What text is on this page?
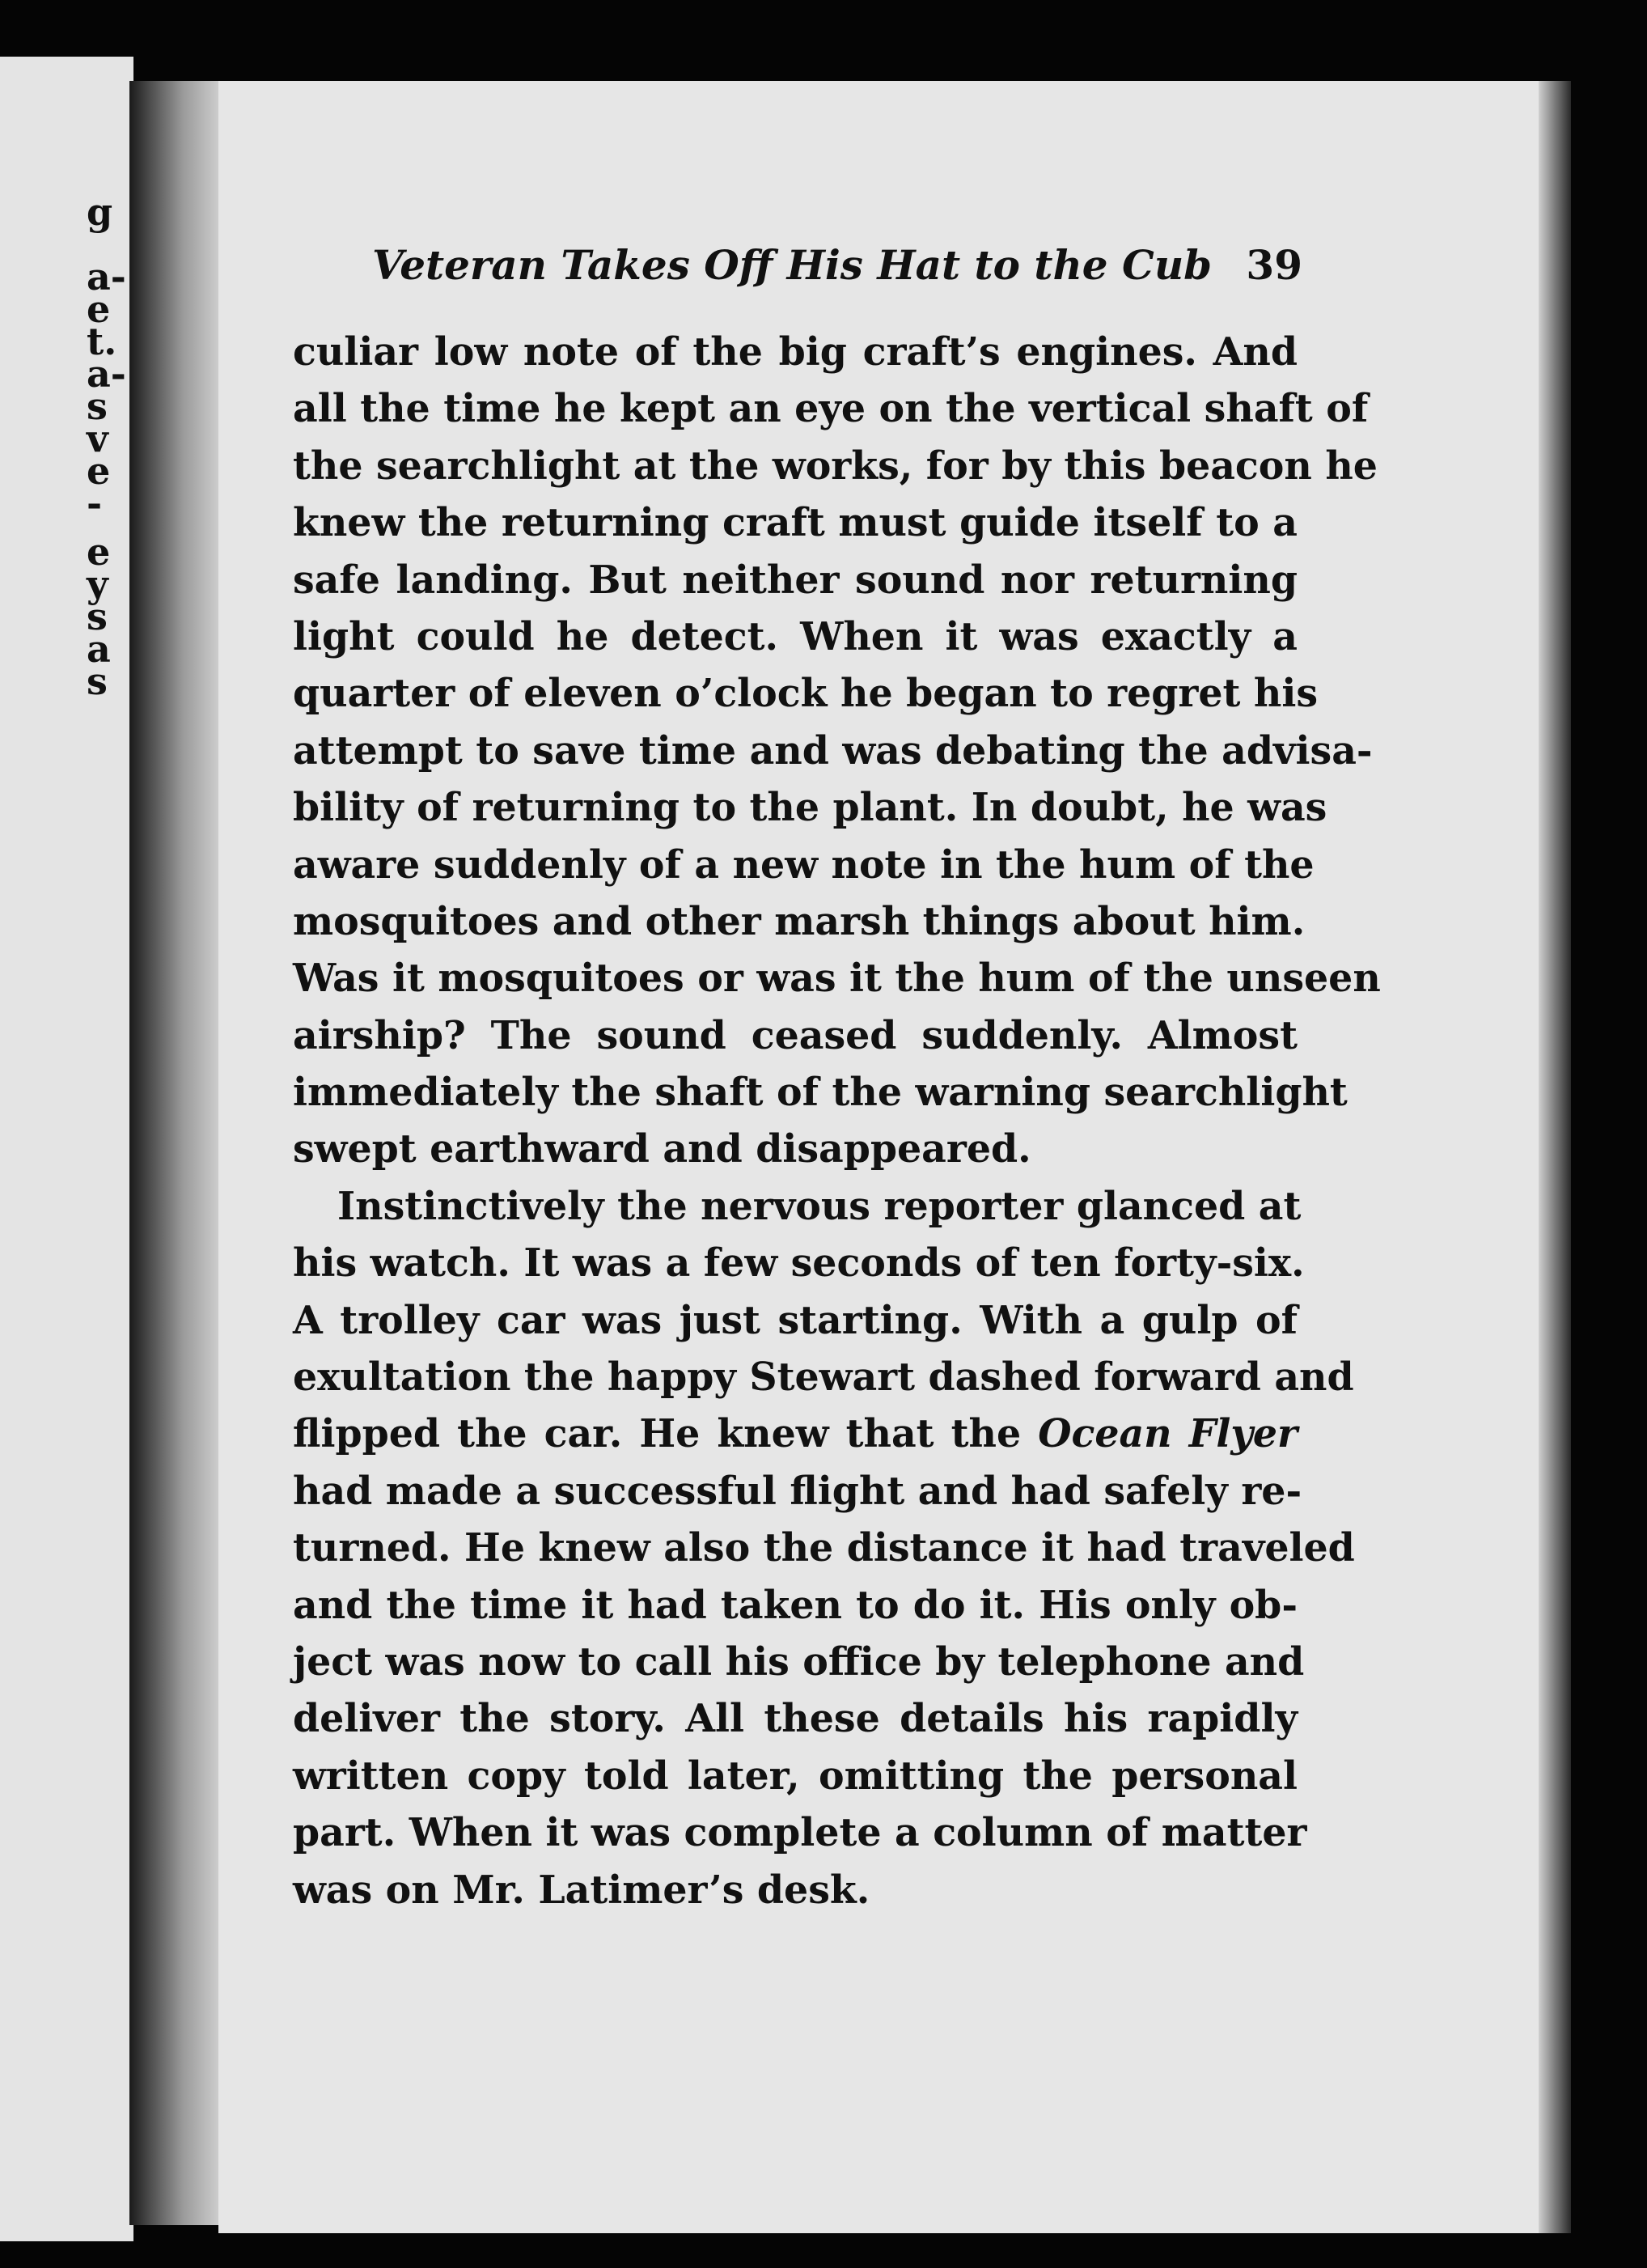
g
a-
e
t.
a-
s
v
e
-
e
y
s
a
s
Veteran Takes Off His Hat to the Cub 39
culiar low note of the big craft’s engines. And
all the time he kept an eye on the vertical shaft of
the searchlight at the works, for by this beacon he
knew the returning craft must guide itself to a
safe landing. But neither sound nor returning
light could he detect. When it was exactly a
quarter of eleven o’clock he began to regret his
attempt to save time and was debating the advisa-
bility of returning to the plant. In doubt, he was
aware suddenly of a new note in the hum of the
mosquitoes and other marsh things about him.
Was it mosquitoes or was it the hum of the unseen
airship? The sound ceased suddenly. Almost
immediately the shaft of the warning searchlight
swept earthward and disappeared.
Instinctively the nervous reporter glanced at
his watch. It was a few seconds of ten forty-six.
A trolley car was just starting. With a gulp of
exultation the happy Stewart dashed forward and
flipped the car. He knew that the Ocean Flyer
had made a successful flight and had safely re-
turned. He knew also the distance it had traveled
and the time it had taken to do it. His only ob-
ject was now to call his office by telephone and
deliver the story. All these details his rapidly
written copy told later, omitting the personal
part. When it was complete a column of matter
was on Mr. Latimer’s desk.
